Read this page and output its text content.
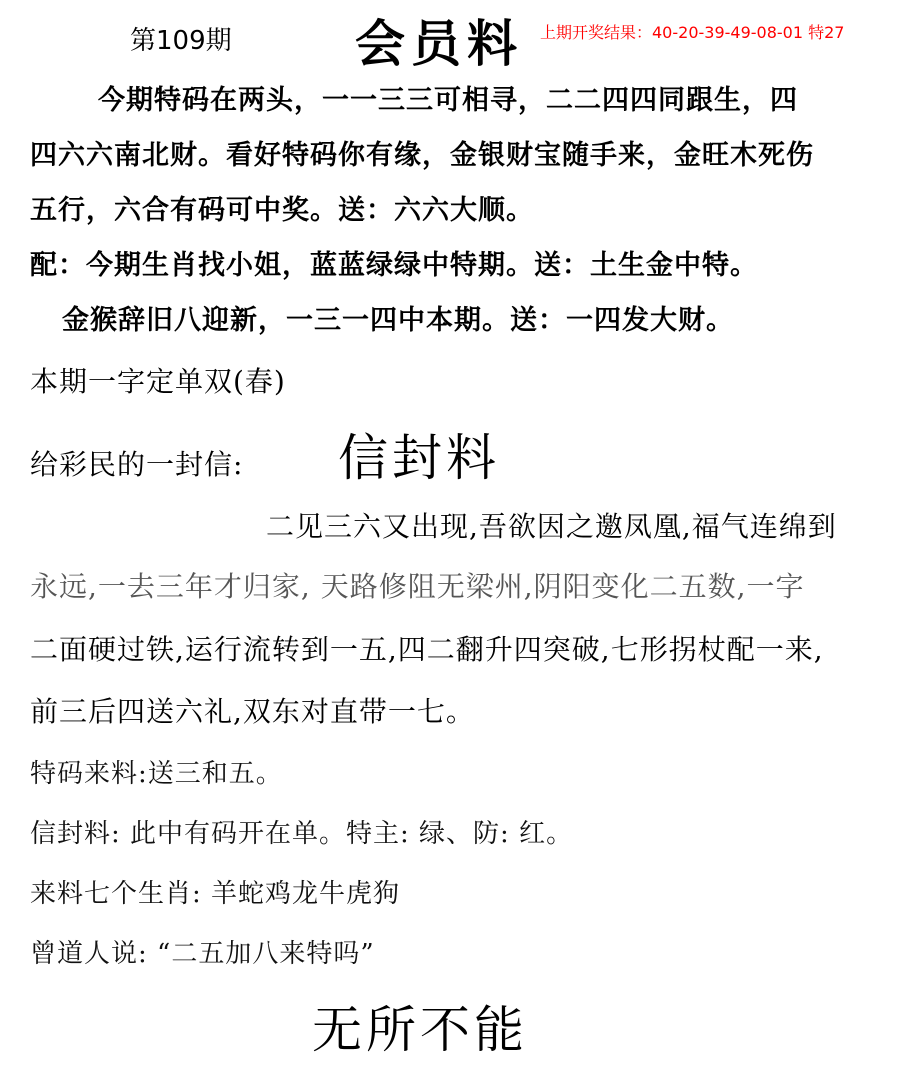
第109期 会员料 上期开奖结果：40-20-39-49-08-01 特27
今期特码在两头，一一三三可相寻，二二四四同跟生，四
四六六南北财。看好特码你有缘，金银财宝随手来，金旺木死伤
五行，六合有码可中奖。送：六六大顺。
配：今期生肖找小姐，蓝蓝绿绿中特期。送：土生金中特。
金猴辞旧八迎新，一三一四中本期。送：一四发大财。
本期一字定单双(春)
给彩民的一封信: 信封料
二见三六又出现,吾欲因之邀凤凰,福气连绵到
永远,一去三年才归家, 天路修阻无梁州,阴阳变化二五数,一字
二面硬过铁,运行流转到一五,四二翻升四突破,七形拐杖配一来,
前三后四送六礼,双东对直带一七。
特码来料:送三和五。
信封料: 此中有码开在单。特主: 绿、防: 红。
来料七个生肖: 羊蛇鸡龙牛虎狗
曾道人说: “二五加八来特吗”
无所不能
